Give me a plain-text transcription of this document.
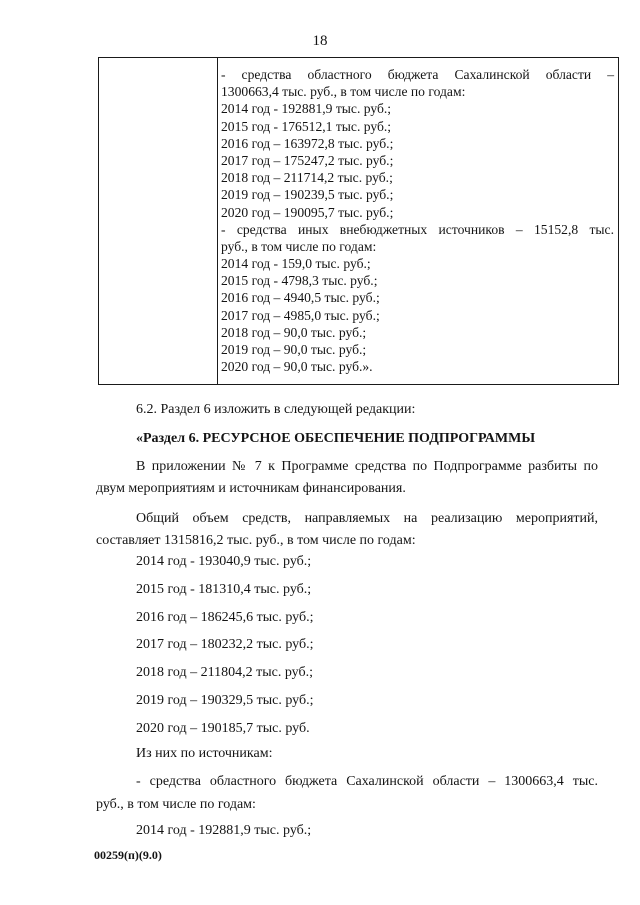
18
- средства областного бюджета Сахалинской области –
1300663,4 тыс. руб., в том числе по годам:
2014 год - 192881,9 тыс. руб.;
2015 год - 176512,1 тыс. руб.;
2016 год – 163972,8 тыс. руб.;
2017 год – 175247,2 тыс. руб.;
2018 год – 211714,2 тыс. руб.;
2019 год – 190239,5 тыс. руб.;
2020 год – 190095,7 тыс. руб.;
- средства иных внебюджетных источников – 15152,8 тыс.
руб., в том числе по годам:
2014 год - 159,0 тыс. руб.;
2015 год - 4798,3 тыс. руб.;
2016 год – 4940,5 тыс. руб.;
2017 год – 4985,0 тыс. руб.;
2018 год – 90,0 тыс. руб.;
2019 год – 90,0 тыс. руб.;
2020 год – 90,0 тыс. руб.».
6.2. Раздел 6 изложить в следующей редакции:
«Раздел 6. РЕСУРСНОЕ ОБЕСПЕЧЕНИЕ ПОДПРОГРАММЫ
В приложении № 7 к Программе средства по Подпрограмме разбиты по
двум мероприятиям и источникам финансирования.
Общий объем средств, направляемых на реализацию мероприятий,
составляет 1315816,2 тыс. руб., в том числе по годам:
2014 год - 193040,9 тыс. руб.;
2015 год - 181310,4 тыс. руб.;
2016 год – 186245,6 тыс. руб.;
2017 год – 180232,2 тыс. руб.;
2018 год – 211804,2 тыс. руб.;
2019 год – 190329,5 тыс. руб.;
2020 год – 190185,7 тыс. руб.
Из них по источникам:
- средства областного бюджета Сахалинской области – 1300663,4 тыс.
руб., в том числе по годам:
2014 год - 192881,9 тыс. руб.;
00259(п)(9.0)
